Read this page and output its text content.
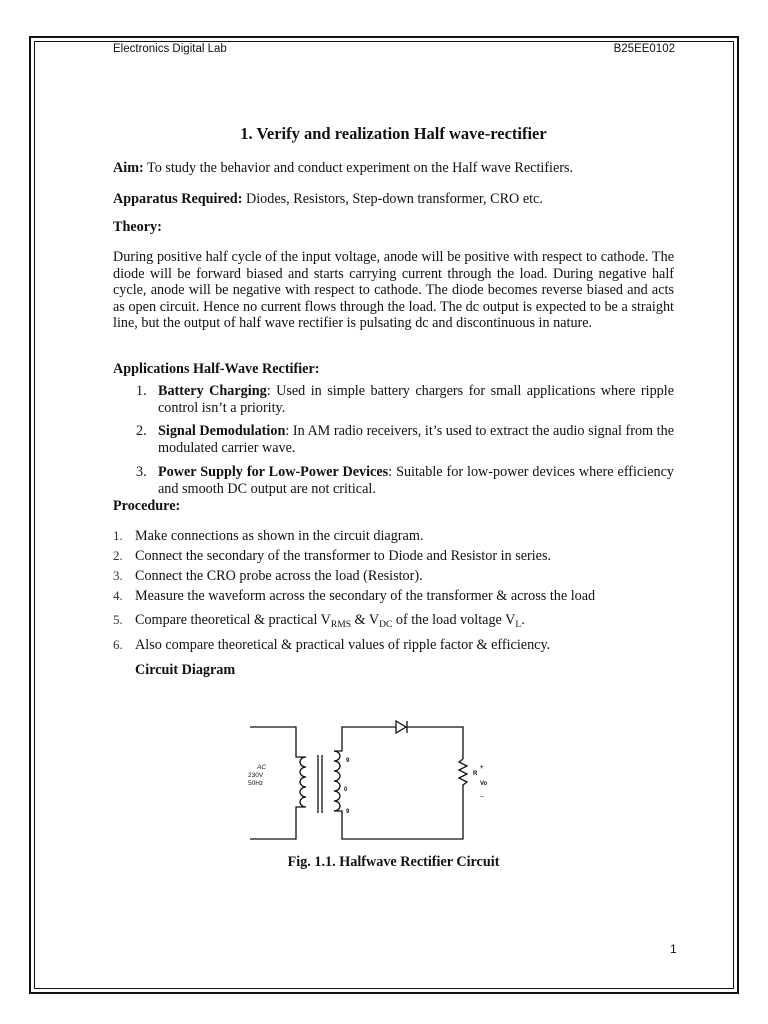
Electronics Digital Lab	B25EE0102
1. Verify and realization Half wave-rectifier

Aim: To study the behavior and conduct experiment on the Half wave Rectifiers.

Apparatus Required: Diodes, Resistors, Step-down transformer, CRO etc.

Theory:

During positive half cycle of the input voltage, anode will be positive with respect to cathode. The diode will be forward biased and starts carrying current through the load. During negative half cycle, anode will be negative with respect to cathode. The diode becomes reverse biased and acts as open circuit. Hence no current flows through the load. The dc output is expected to be a straight line, but the output of half wave rectifier is pulsating dc and discontinuous in nature.

Applications Half-Wave Rectifier:

1. Battery Charging: Used in simple battery chargers for small applications where ripple control isn’t a priority.
2. Signal Demodulation: In AM radio receivers, it’s used to extract the audio signal from the modulated carrier wave.
3. Power Supply for Low-Power Devices: Suitable for low-power devices where efficiency and smooth DC output are not critical.

Procedure:

1. Make connections as shown in the circuit diagram.
2. Connect the secondary of the transformer to Diode and Resistor in series.
3. Connect the CRO probe across the load (Resistor).
4. Measure the waveform across the secondary of the transformer & across the load
5. Compare theoretical & practical $V_{RMS}$ & $V_{DC}$ of the load voltage $V_L$.
6. Also compare theoretical & practical values of ripple factor & efficiency.

Circuit Diagram

Fig. 1.1. Halfwave Rectifier Circuit
AC
230V
50Hz
9
0
9
R
Vo
+
−
1
